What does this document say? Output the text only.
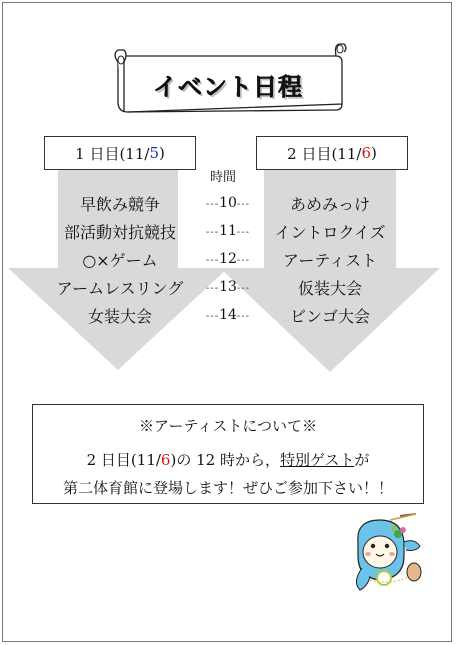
イベント日程
1 日目(11/ 5 )	2 日目(11/ 6 )
時間
早飲み競争
部活動対抗競技
○×ゲーム
アームレスリング
女装大会
あめみっけ
イントロクイズ
アーティスト
仮装大会
ビンゴ大会
---10---
---11---
---12---
---13---
---14---
※アーティストについて※
2 日目(11/6)の 12 時から，特別ゲストが
第二体育館に登場します！ぜひご参加下さい！！
